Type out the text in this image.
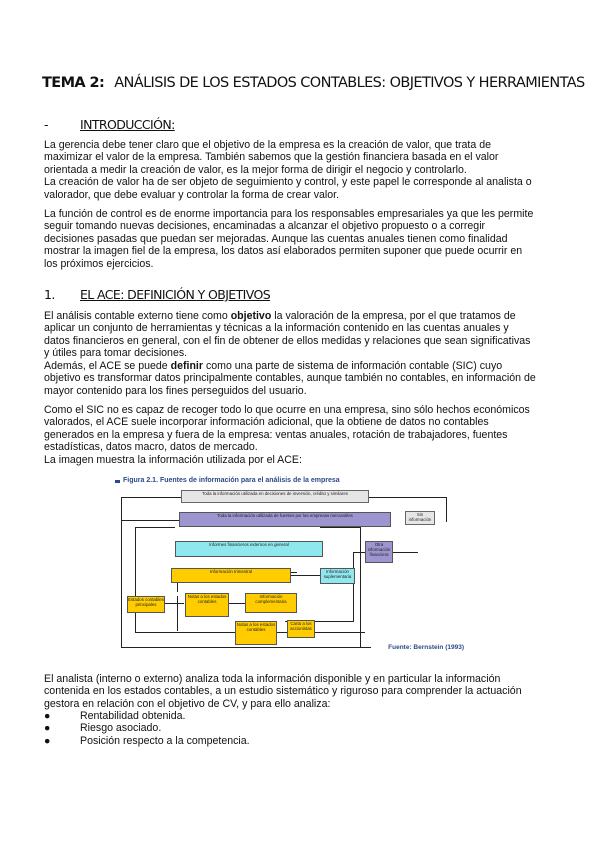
TEMA 2: ANÁLISIS DE LOS ESTADOS CONTABLES: OBJETIVOS Y HERRAMIENTAS
-	INTRODUCCIÓN:
La gerencia debe tener claro que el objetivo de la empresa es la creación de valor, que trata de
maximizar el valor de la empresa. También sabemos que la gestión financiera basada en el valor
orientada a medir la creación de valor, es la mejor forma de dirigir el negocio y controlarlo.
La creación de valor ha de ser objeto de seguimiento y control, y este papel le corresponde al analista o
valorador, que debe evaluar y controlar la forma de crear valor.
La función de control es de enorme importancia para los responsables empresariales ya que les permite
seguir tomando nuevas decisiones, encaminadas a alcanzar el objetivo propuesto o a corregir
decisiones pasadas que puedan ser mejoradas. Aunque las cuentas anuales tienen como finalidad
mostrar la imagen fiel de la empresa, los datos así elaborados permiten suponer que puede ocurrir en
los próximos ejercicios.
1. EL ACE: DEFINICIÓN Y OBJETIVOS
El análisis contable externo tiene como objetivo la valoración de la empresa, por el que tratamos de
aplicar un conjunto de herramientas y técnicas a la información contenido en las cuentas anuales y
datos financieros en general, con el fin de obtener de ellos medidas y relaciones que sean significativas
y útiles para tomar decisiones.
Además, el ACE se puede definir como una parte de sistema de información contable (SIC) cuyo
objetivo es transformar datos principalmente contables, aunque también no contables, en información de
mayor contenido para los fines perseguidos del usuario.
Como el SIC no es capaz de recoger todo lo que ocurre en una empresa, sino sólo hechos económicos
valorados, el ACE suele incorporar información adicional, que la obtiene de datos no contables
generados en la empresa y fuera de la empresa: ventas anuales, rotación de trabajadores, fuentes
estadísticas, datos macro, datos de mercado.
La imagen muestra la información utilizada por el ACE:
Figura 2.1. Fuentes de información para el análisis de la empresa
Toda la información utilizada en decisiones de inversión, crédito y similares
Toda la información utilizada de fuentes por las empresas mercantiles	Sin información
Informes financieros externos en general	Otra información financiera
Información trimestral	Información suplementaria
Estados contables principales
Notas a los estados contables
Información complementaria
Notas a los estados contables
Carta a los accionistas
Fuente: Bernstein (1993)
El analista (interno o externo) analiza toda la información disponible y en particular la información
contenida en los estados contables, a un estudio sistemático y riguroso para comprender la actuación
gestora en relación con el objetivo de CV, y para ello analiza:
●	Rentabilidad obtenida.
●	Riesgo asociado.
●	Posición respecto a la competencia.
